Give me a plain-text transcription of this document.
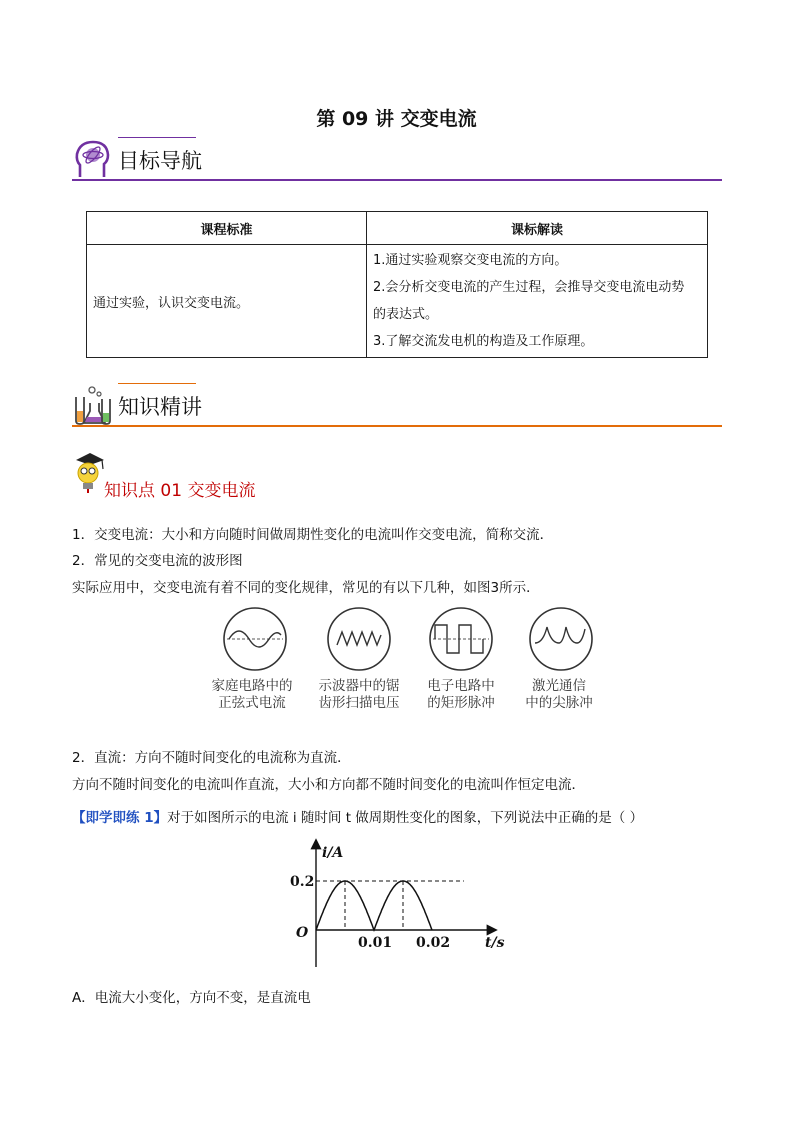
第 09 讲 交变电流
目标导航
课程标准	课标解读
通过实验，认识交变电流。	1.通过实验观察交变电流的方向。
2.会分析交变电流的产生过程，会推导交变电流电动势
的表达式。
3.了解交流发电机的构造及工作原理。
知识精讲
知识点 01 交变电流
1．交变电流：大小和方向随时间做周期性变化的电流叫作交变电流，简称交流．
2．常见的交变电流的波形图
实际应用中，交变电流有着不同的变化规律，常见的有以下几种，如图3所示．
家庭电路中的
正弦式电流
示波器中的锯
齿形扫描电压
电子电路中
的矩形脉冲
激光通信
中的尖脉冲
2．直流：方向不随时间变化的电流称为直流．
方向不随时间变化的电流叫作直流，大小和方向都不随时间变化的电流叫作恒定电流．
【即学即练 1】对于如图所示的电流 i 随时间 t 做周期性变化的图象，下列说法中正确的是（ ）
0.2
O
0.01 0.02
i/A
t/s
A．电流大小变化，方向不变，是直流电
